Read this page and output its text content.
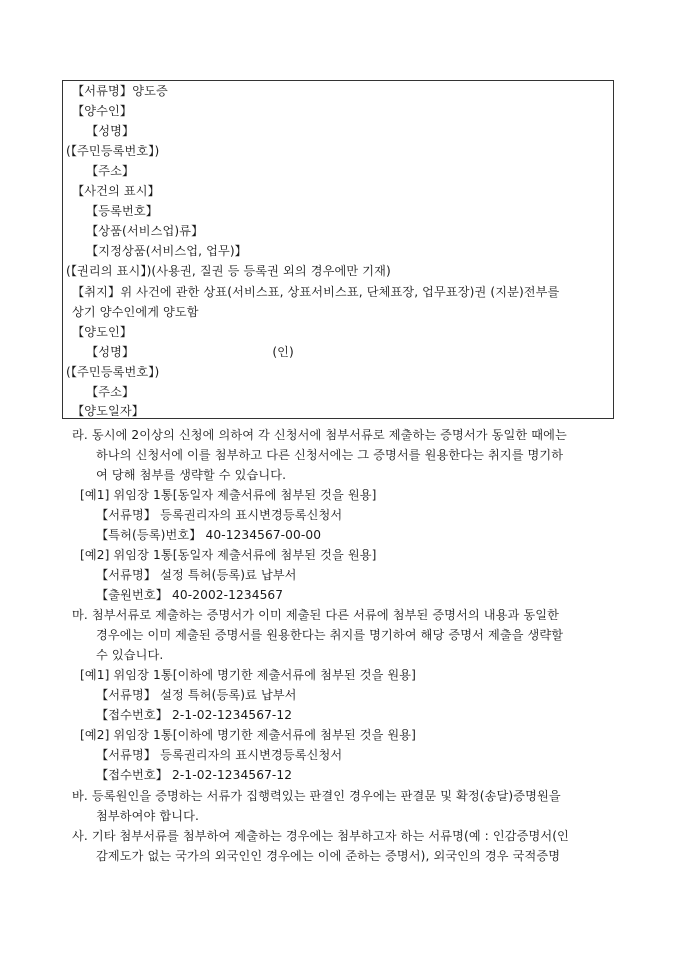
【서류명】양도증
【양수인】
【성명】
(【주민등록번호】)
【주소】
【사건의 표시】
【등록번호】
【상품(서비스업)류】
【지정상품(서비스업, 업무)】
(【권리의 표시】)(사용권, 질권 등 등록권 외의 경우에만 기재)
【취지】위 사건에 관한 상표(서비스표, 상표서비스표, 단체표장, 업무표장)권 (지분)전부를
상기 양수인에게 양도함
【양도인】
【성명】	(인)
(【주민등록번호】)
【주소】
【양도일자】
라. 동시에 2이상의 신청에 의하여 각 신청서에 첨부서류로 제출하는 증명서가 동일한 때에는
하나의 신청서에 이를 첨부하고 다른 신청서에는 그 증명서를 원용한다는 취지를 명기하
여 당해 첨부를 생략할 수 있습니다.
[예1] 위임장 1통[동일자 제출서류에 첨부된 것을 원용]
【서류명】 등록권리자의 표시변경등록신청서
【특허(등록)번호】 40-1234567-00-00
[예2] 위임장 1통[동일자 제출서류에 첨부된 것을 원용]
【서류명】 설정 특허(등록)료 납부서
【출원번호】 40-2002-1234567
마. 첨부서류로 제출하는 증명서가 이미 제출된 다른 서류에 첨부된 증명서의 내용과 동일한
경우에는 이미 제출된 증명서를 원용한다는 취지를 명기하여 해당 증명서 제출을 생략할
수 있습니다.
[예1] 위임장 1통[이하에 명기한 제출서류에 첨부된 것을 원용]
【서류명】 설정 특허(등록)료 납부서
【접수번호】 2-1-02-1234567-12
[예2] 위임장 1통[이하에 명기한 제출서류에 첨부된 것을 원용]
【서류명】 등록권리자의 표시변경등록신청서
【접수번호】 2-1-02-1234567-12
바. 등록원인을 증명하는 서류가 집행력있는 판결인 경우에는 판결문 및 확정(송달)증명원을
첨부하여야 합니다.
사. 기타 첨부서류를 첨부하여 제출하는 경우에는 첨부하고자 하는 서류명(예 : 인감증명서(인
감제도가 없는 국가의 외국인인 경우에는 이에 준하는 증명서), 외국인의 경우 국적증명
